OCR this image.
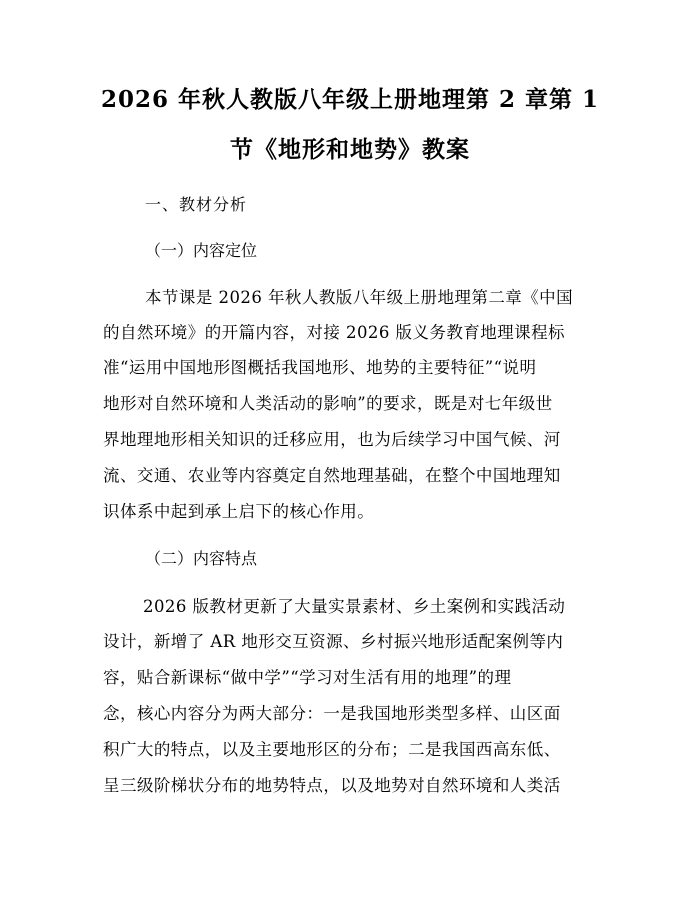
2026 年秋人教版八年级上册地理第 2 章第 1
节《地形和地势》教案
一、教材分析
（一）内容定位
本节课是 2026 年秋人教版八年级上册地理第二章《中国
的自然环境》的开篇内容，对接 2026 版义务教育地理课程标
准“运用中国地形图概括我国地形、地势的主要特征”“说明
地形对自然环境和人类活动的影响”的要求，既是对七年级世
界地理地形相关知识的迁移应用，也为后续学习中国气候、河
流、交通、农业等内容奠定自然地理基础，在整个中国地理知
识体系中起到承上启下的核心作用。
（二）内容特点
2026 版教材更新了大量实景素材、乡土案例和实践活动
设计，新增了 AR 地形交互资源、乡村振兴地形适配案例等内
容，贴合新课标“做中学”“学习对生活有用的地理”的理
念，核心内容分为两大部分：一是我国地形类型多样、山区面
积广大的特点，以及主要地形区的分布；二是我国西高东低、
呈三级阶梯状分布的地势特点，以及地势对自然环境和人类活
